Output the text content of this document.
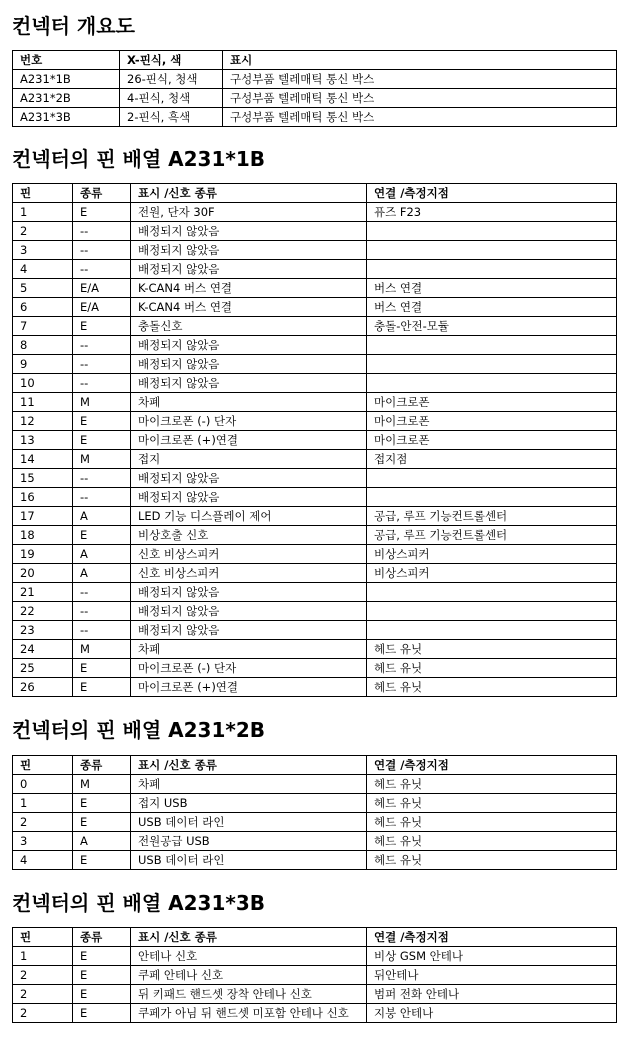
컨넥터 개요도
번호	X-핀식, 색	표시
A231*1B	26-핀식, 청색	구성부품 텔레매틱 통신 박스
A231*2B	4-핀식, 청색	구성부품 텔레매틱 통신 박스
A231*3B	2-핀식, 흑색	구성부품 텔레매틱 통신 박스
컨넥터의 핀 배열 A231*1B
핀	종류	표시 /신호 종류	연결 /측정지점
1	E	전원, 단자 30F	퓨즈 F23
2	--	배정되지 않았음	
3	--	배정되지 않았음	
4	--	배정되지 않았음	
5	E/A	K-CAN4 버스 연결	버스 연결
6	E/A	K-CAN4 버스 연결	버스 연결
7	E	충돌신호	충돌-안전-모듈
8	--	배정되지 않았음	
9	--	배정되지 않았음	
10	--	배정되지 않았음	
11	M	차폐	마이크로폰
12	E	마이크로폰 (-) 단자	마이크로폰
13	E	마이크로폰 (+)연결	마이크로폰
14	M	접지	접지점
15	--	배정되지 않았음	
16	--	배정되지 않았음	
17	A	LED 기능 디스플레이 제어	공급, 루프 기능컨트롤센터
18	E	비상호출 신호	공급, 루프 기능컨트롤센터
19	A	신호 비상스피커	비상스피커
20	A	신호 비상스피커	비상스피커
21	--	배정되지 않았음	
22	--	배정되지 않았음	
23	--	배정되지 않았음	
24	M	차폐	헤드 유닛
25	E	마이크로폰 (-) 단자	헤드 유닛
26	E	마이크로폰 (+)연결	헤드 유닛
컨넥터의 핀 배열 A231*2B
핀	종류	표시 /신호 종류	연결 /측정지점
0	M	차폐	헤드 유닛
1	E	접지 USB	헤드 유닛
2	E	USB 데이터 라인	헤드 유닛
3	A	전원공급 USB	헤드 유닛
4	E	USB 데이터 라인	헤드 유닛
컨넥터의 핀 배열 A231*3B
핀	종류	표시 /신호 종류	연결 /측정지점
1	E	안테나 신호	비상 GSM 안테나
2	E	쿠페 안테나 신호	뒤안테나
2	E	뒤 키패드 핸드셋 장착 안테나 신호	범퍼 전화 안테나
2	E	쿠페가 아님 뒤 핸드셋 미포함 안테나 신호	지붕 안테나
